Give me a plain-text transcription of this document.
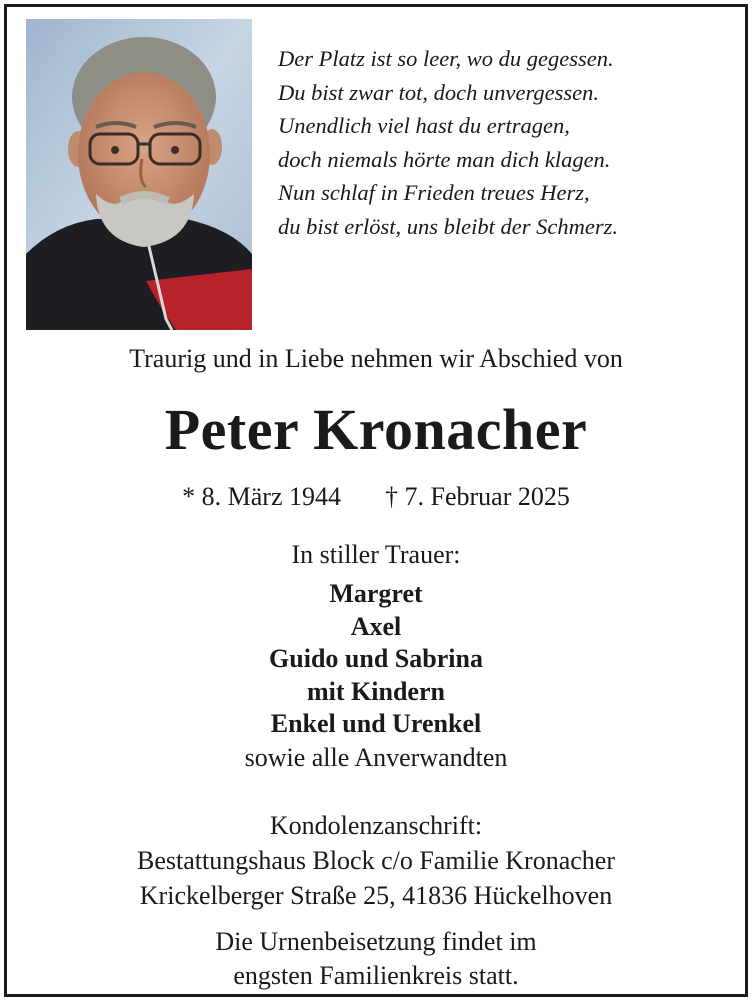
Der Platz ist so leer, wo du gegessen.
Du bist zwar tot, doch unvergessen.
Unendlich viel hast du ertragen,
doch niemals hörte man dich klagen.
Nun schlaf in Frieden treues Herz,
du bist erlöst, uns bleibt der Schmerz.
Traurig und in Liebe nehmen wir Abschied von
Peter Kronacher
* 8. März 1944 † 7. Februar 2025
In stiller Trauer:
Margret
Axel
Guido und Sabrina
mit Kindern
Enkel und Urenkel
sowie alle Anverwandten
Kondolenzanschrift:
Bestattungshaus Block c/o Familie Kronacher
Krickelberger Straße 25, 41836 Hückelhoven
Die Urnenbeisetzung findet im
engsten Familienkreis statt.
